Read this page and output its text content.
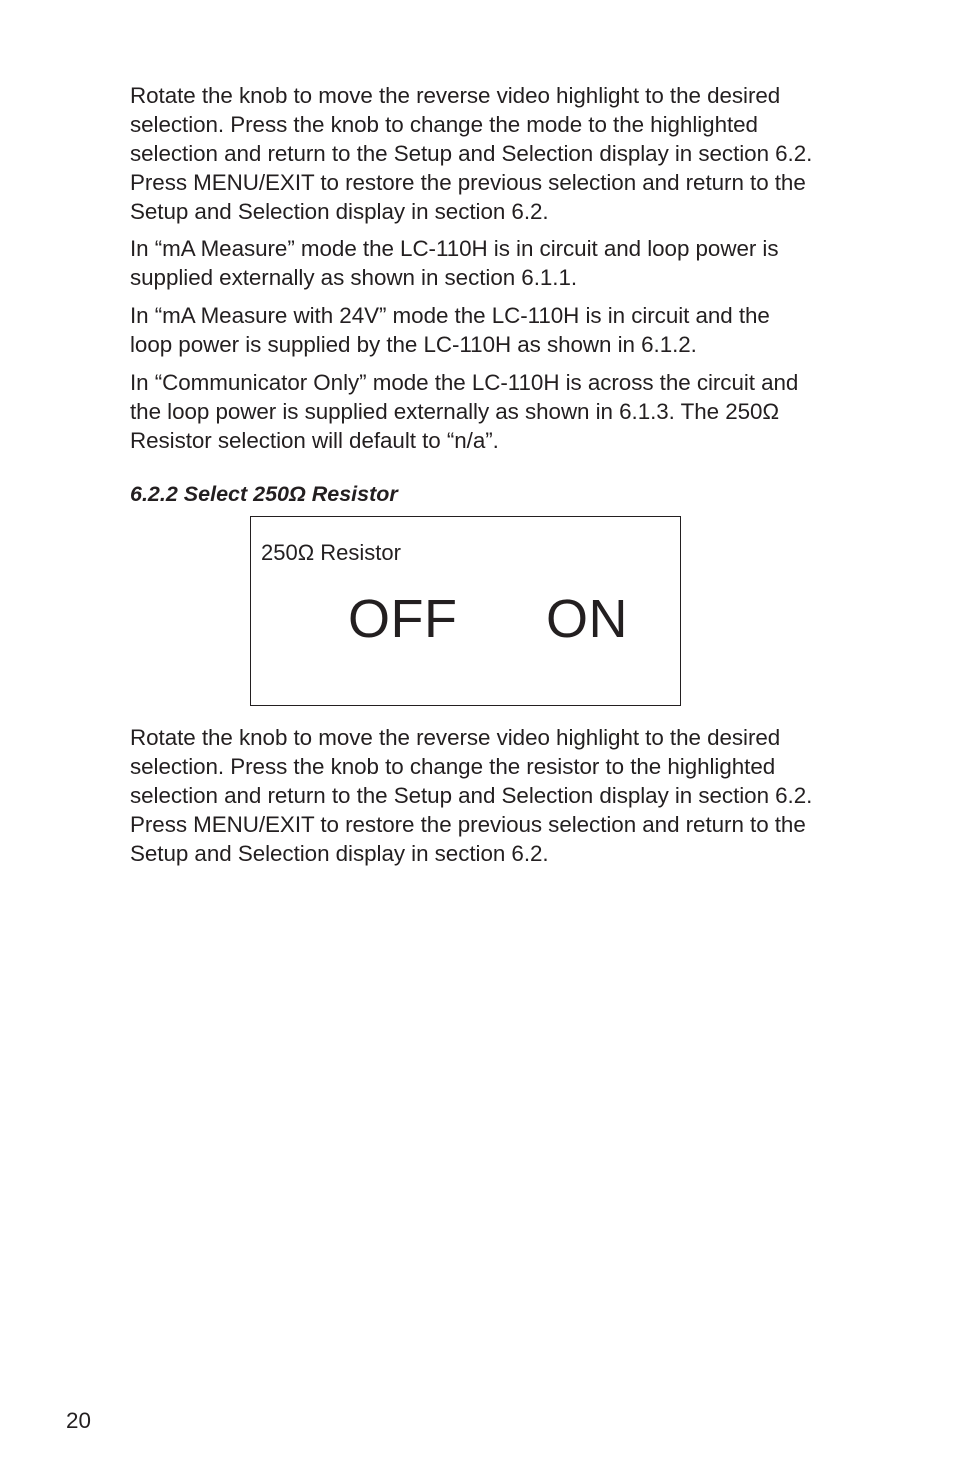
Rotate the knob to move the reverse video highlight to the desired
selection. Press the knob to change the mode to the highlighted
selection and return to the Setup and Selection display in section 6.2.
Press MENU/EXIT to restore the previous selection and return to the
Setup and Selection display in section 6.2.

In “mA Measure” mode the LC-110H is in circuit and loop power is
supplied externally as shown in section 6.1.1.

In “mA Measure with 24V” mode the LC-110H is in circuit and the
loop power is supplied by the LC-110H as shown in 6.1.2.

In “Communicator Only” mode the LC-110H is across the circuit and
the loop power is supplied externally as shown in 6.1.3. The 250Ω
Resistor selection will default to “n/a”.

6.2.2 Select 250Ω Resistor
250Ω Resistor
OFF ON

Rotate the knob to move the reverse video highlight to the desired
selection. Press the knob to change the resistor to the highlighted
selection and return to the Setup and Selection display in section 6.2.
Press MENU/EXIT to restore the previous selection and return to the
Setup and Selection display in section 6.2.

20
